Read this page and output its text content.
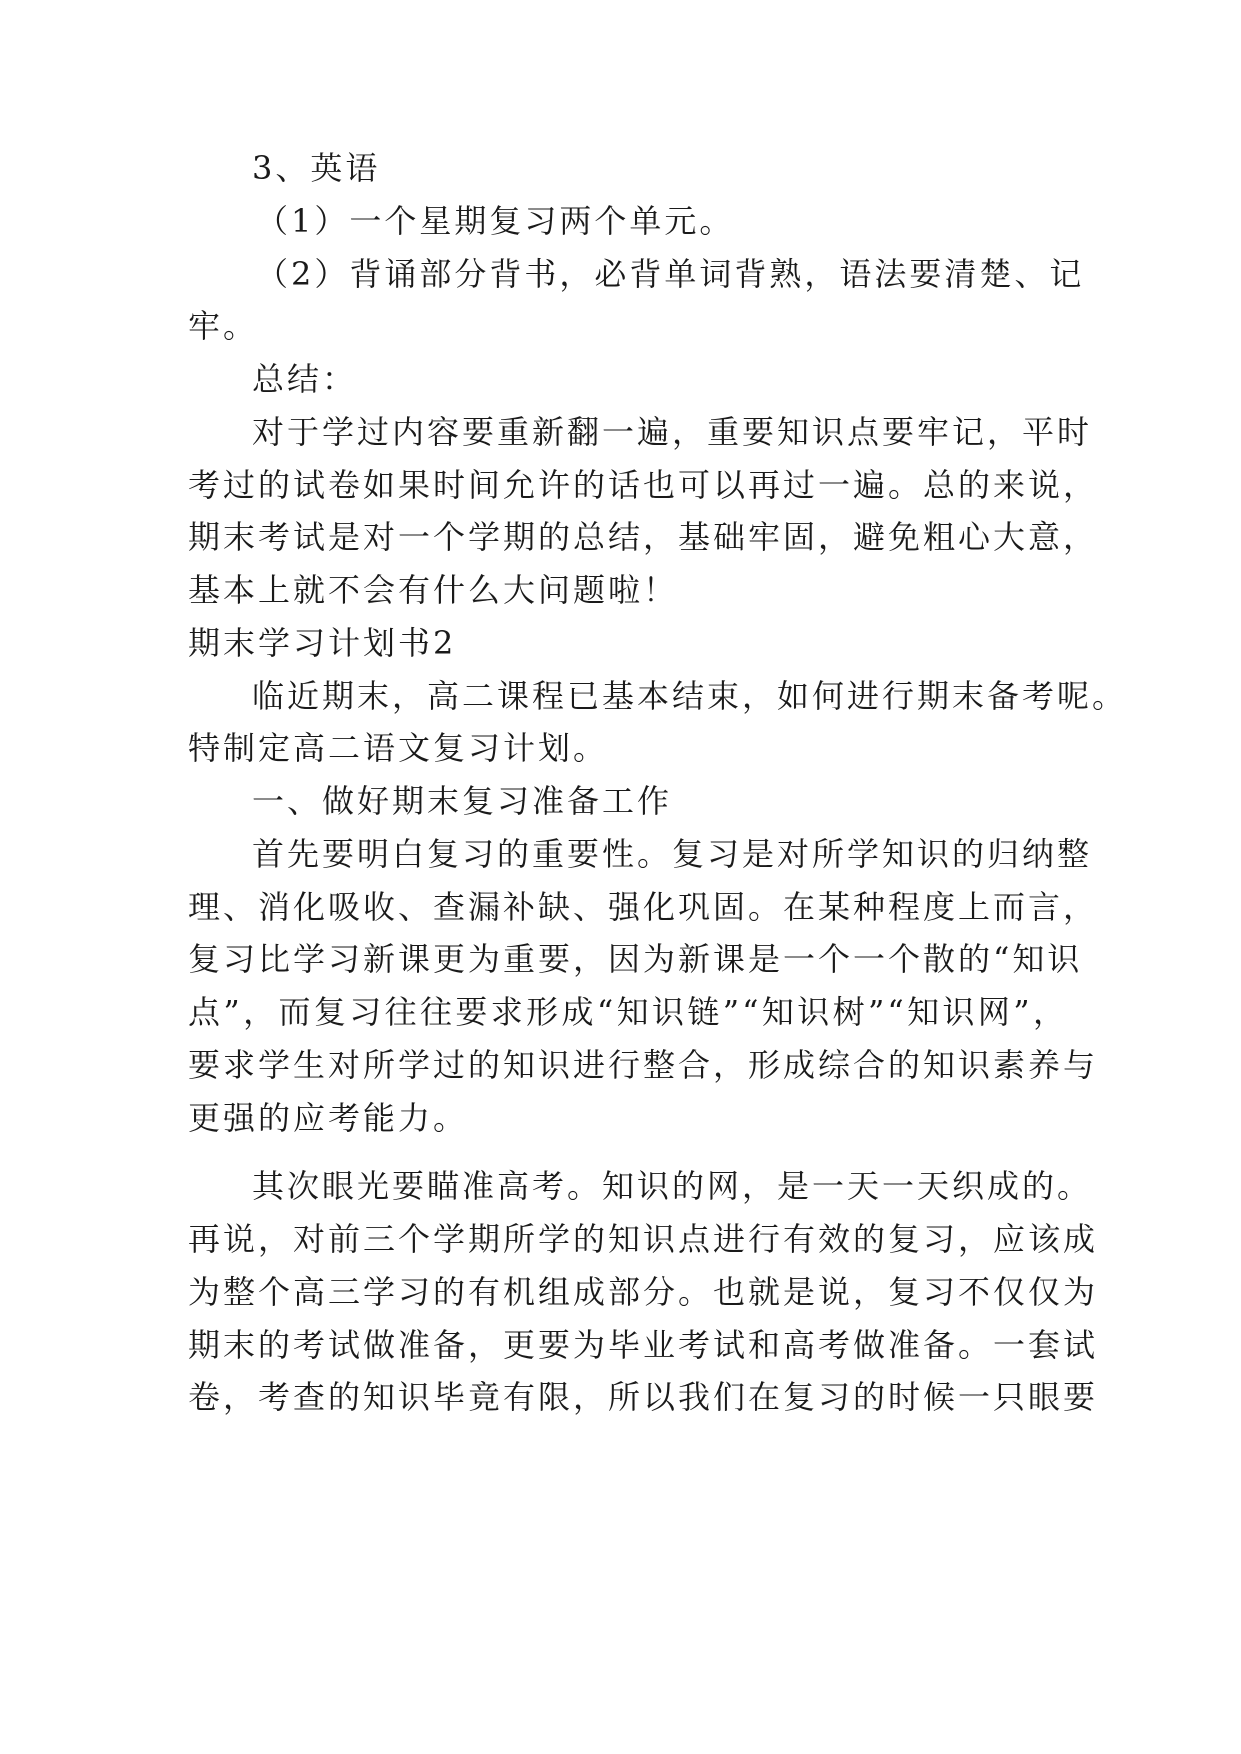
3、英语
（1）一个星期复习两个单元。
（2）背诵部分背书，必背单词背熟，语法要清楚、记
牢。
总结：
对于学过内容要重新翻一遍，重要知识点要牢记，平时
考过的试卷如果时间允许的话也可以再过一遍。总的来说，
期末考试是对一个学期的总结，基础牢固，避免粗心大意，
基本上就不会有什么大问题啦！
期末学习计划书2
临近期末，高二课程已基本结束，如何进行期末备考呢。
特制定高二语文复习计划。
一、做好期末复习准备工作
首先要明白复习的重要性。复习是对所学知识的归纳整
理、消化吸收、查漏补缺、强化巩固。在某种程度上而言，
复习比学习新课更为重要，因为新课是一个一个散的“知识
点”，而复习往往要求形成“知识链”“知识树”“知识网”，
要求学生对所学过的知识进行整合，形成综合的知识素养与
更强的应考能力。
其次眼光要瞄准高考。知识的网，是一天一天织成的。
再说，对前三个学期所学的知识点进行有效的复习，应该成
为整个高三学习的有机组成部分。也就是说，复习不仅仅为
期末的考试做准备，更要为毕业考试和高考做准备。一套试
卷，考查的知识毕竟有限，所以我们在复习的时候一只眼要
